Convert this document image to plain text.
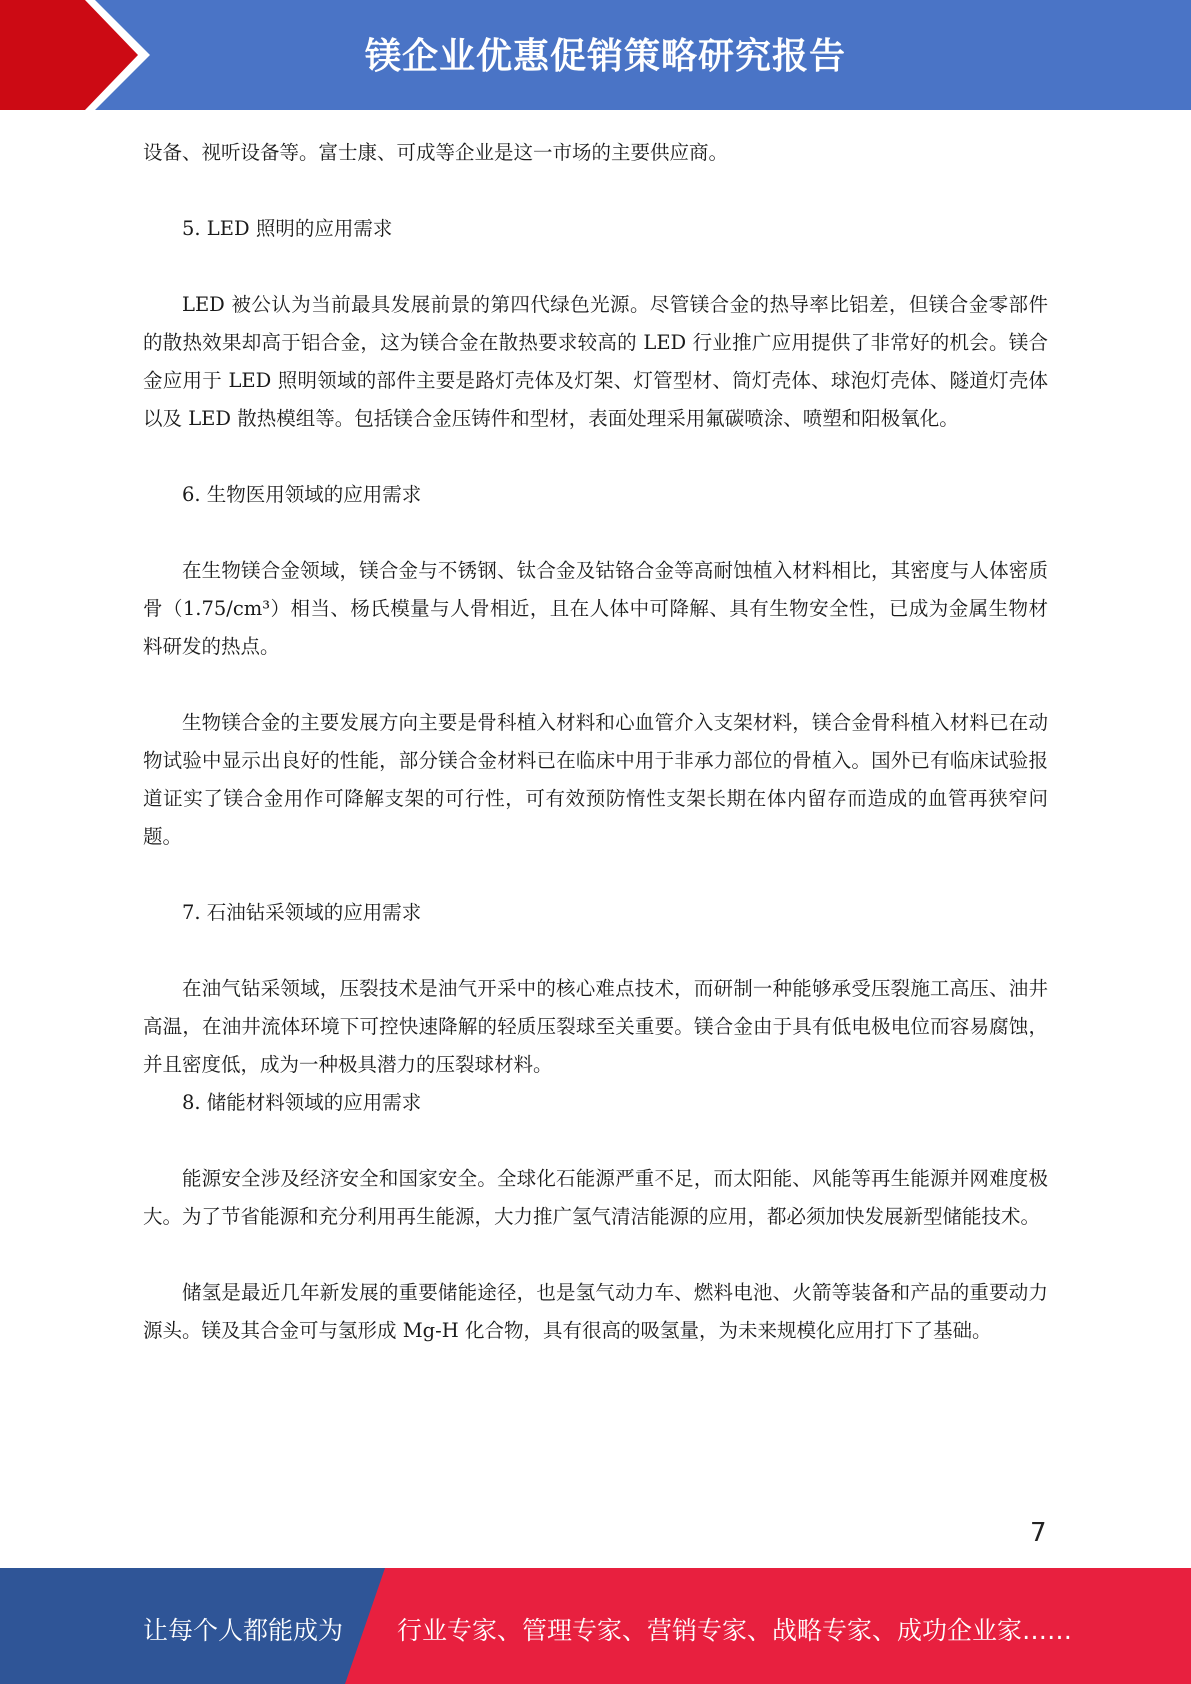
镁企业优惠促销策略研究报告

设备、视听设备等。富士康、可成等企业是这一市场的主要供应商。

5. LED 照明的应用需求

LED 被公认为当前最具发展前景的第四代绿色光源。尽管镁合金的热导率比铝差，但镁合金零部件的散热效果却高于铝合金，这为镁合金在散热要求较高的 LED 行业推广应用提供了非常好的机会。镁合金应用于 LED 照明领域的部件主要是路灯壳体及灯架、灯管型材、筒灯壳体、球泡灯壳体、隧道灯壳体以及 LED 散热模组等。包括镁合金压铸件和型材，表面处理采用氟碳喷涂、喷塑和阳极氧化。

6. 生物医用领域的应用需求

在生物镁合金领域，镁合金与不锈钢、钛合金及钴铬合金等高耐蚀植入材料相比，其密度与人体密质骨（1.75/cm³）相当、杨氏模量与人骨相近，且在人体中可降解、具有生物安全性，已成为金属生物材料研发的热点。

生物镁合金的主要发展方向主要是骨科植入材料和心血管介入支架材料，镁合金骨科植入材料已在动物试验中显示出良好的性能，部分镁合金材料已在临床中用于非承力部位的骨植入。国外已有临床试验报道证实了镁合金用作可降解支架的可行性，可有效预防惰性支架长期在体内留存而造成的血管再狭窄问题。

7. 石油钻采领域的应用需求

在油气钻采领域，压裂技术是油气开采中的核心难点技术，而研制一种能够承受压裂施工高压、油井高温，在油井流体环境下可控快速降解的轻质压裂球至关重要。镁合金由于具有低电极电位而容易腐蚀，并且密度低，成为一种极具潜力的压裂球材料。

8. 储能材料领域的应用需求

能源安全涉及经济安全和国家安全。全球化石能源严重不足，而太阳能、风能等再生能源并网难度极大。为了节省能源和充分利用再生能源，大力推广氢气清洁能源的应用，都必须加快发展新型储能技术。

储氢是最近几年新发展的重要储能途径，也是氢气动力车、燃料电池、火箭等装备和产品的重要动力源头。镁及其合金可与氢形成 Mg-H 化合物，具有很高的吸氢量，为未来规模化应用打下了基础。

7
让每个人都能成为 行业专家、管理专家、营销专家、战略专家、成功企业家……
